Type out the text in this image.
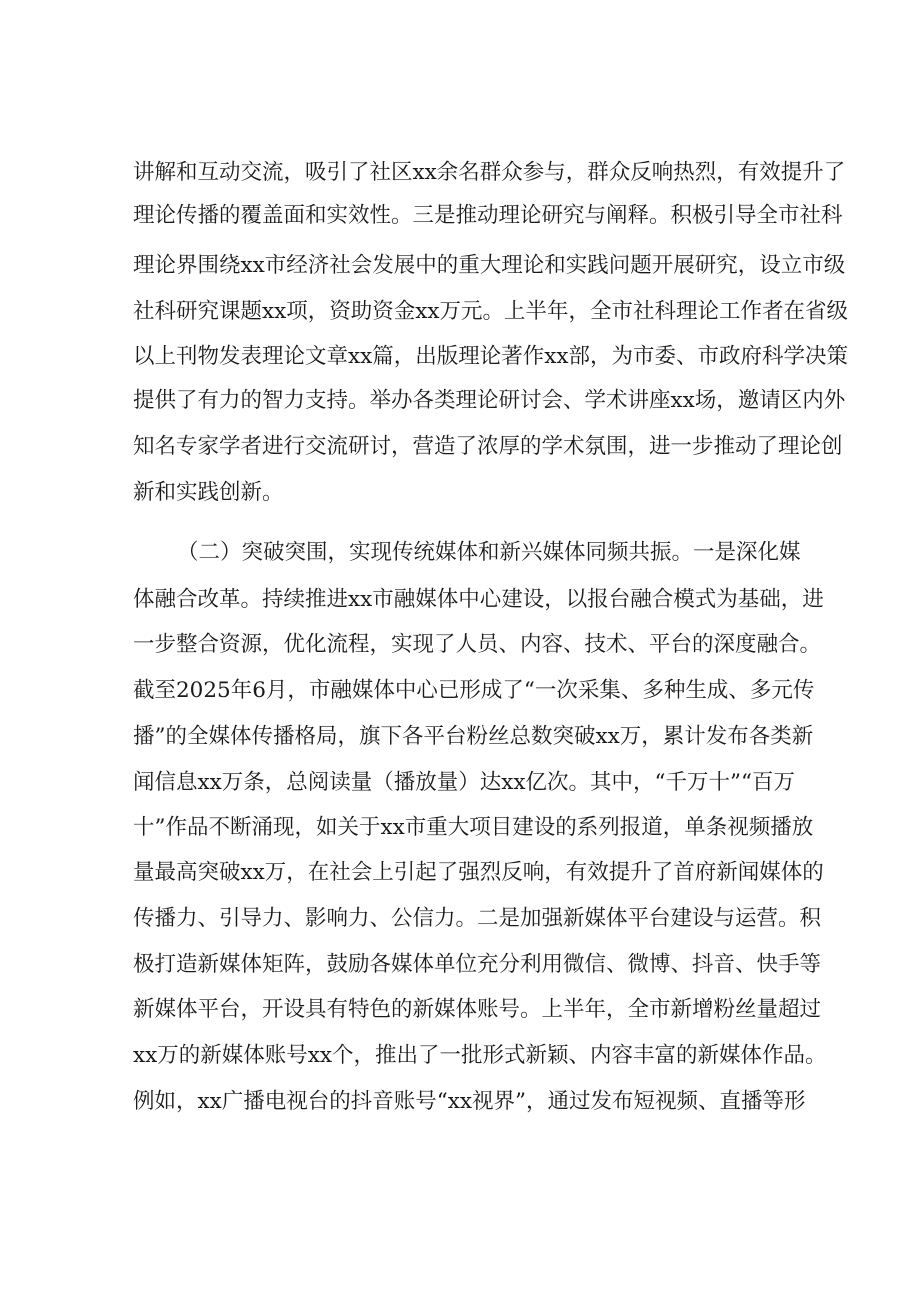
讲解和互动交流，吸引了社区xx余名群众参与，群众反响热烈，有效提升了
理论传播的覆盖面和实效性。三是推动理论研究与阐释。积极引导全市社科
理论界围绕xx市经济社会发展中的重大理论和实践问题开展研究，设立市级
社科研究课题xx项，资助资金xx万元。上半年，全市社科理论工作者在省级
以上刊物发表理论文章xx篇，出版理论著作xx部，为市委、市政府科学决策
提供了有力的智力支持。举办各类理论研讨会、学术讲座xx场，邀请区内外
知名专家学者进行交流研讨，营造了浓厚的学术氛围，进一步推动了理论创
新和实践创新。
（二）突破突围，实现传统媒体和新兴媒体同频共振。一是深化媒
体融合改革。持续推进xx市融媒体中心建设，以报台融合模式为基础，进
一步整合资源，优化流程，实现了人员、内容、技术、平台的深度融合。
截至2025年6月，市融媒体中心已形成了“一次采集、多种生成、多元传
播”的全媒体传播格局，旗下各平台粉丝总数突破xx万，累计发布各类新
闻信息xx万条，总阅读量（播放量）达xx亿次。其中，“千万十”“百万
十”作品不断涌现，如关于xx市重大项目建设的系列报道，单条视频播放
量最高突破xx万，在社会上引起了强烈反响，有效提升了首府新闻媒体的
传播力、引导力、影响力、公信力。二是加强新媒体平台建设与运营。积
极打造新媒体矩阵，鼓励各媒体单位充分利用微信、微博、抖音、快手等
新媒体平台，开设具有特色的新媒体账号。上半年，全市新增粉丝量超过
xx万的新媒体账号xx个，推出了一批形式新颖、内容丰富的新媒体作品。
例如，xx广播电视台的抖音账号“xx视界”，通过发布短视频、直播等形
